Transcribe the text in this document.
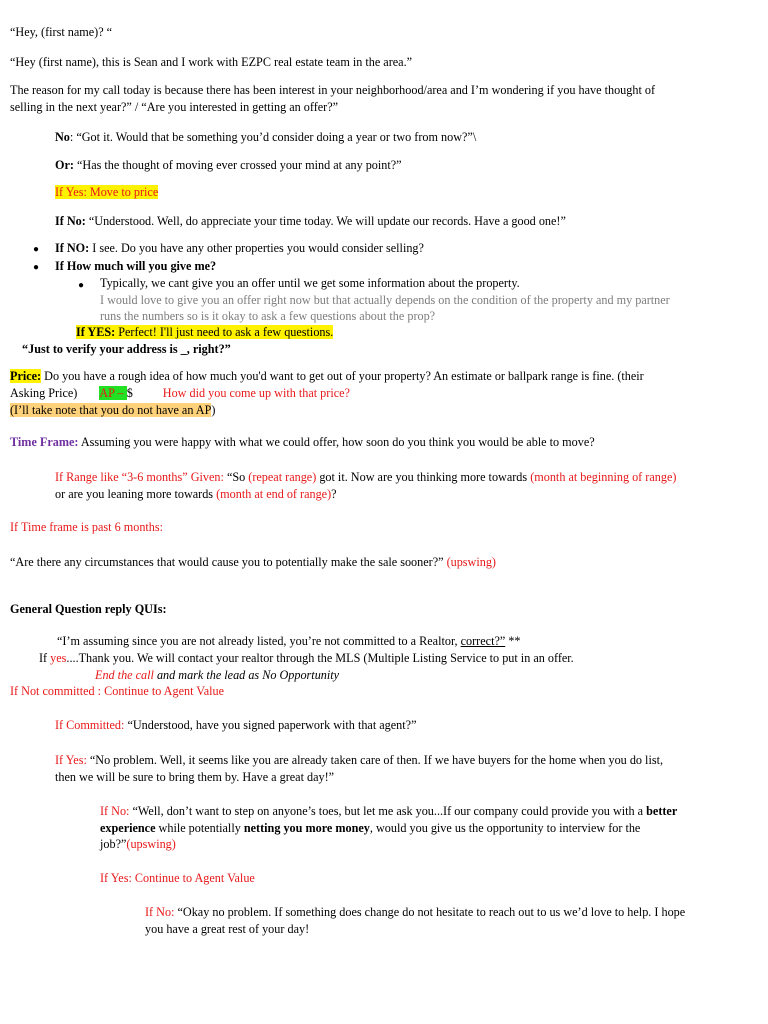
“Hey, (first name)? “
“Hey (first name), this is Sean and I work with EZPC real estate team in the area.”
The reason for my call today is because there has been interest in your neighborhood/area and I’m wondering if you have thought of
selling in the next year?” / “Are you interested in getting an offer?”
No: “Got it. Would that be something you’d consider doing a year or two from now?”\
Or: “Has the thought of moving ever crossed your mind at any point?”
If Yes: Move to price
If No: “Understood. Well, do appreciate your time today. We will update our records. Have a good one!”
● If NO: I see. Do you have any other properties you would consider selling?
● If How much will you give me?
● Typically, we cant give you an offer until we get some information about the property.
I would love to give you an offer right now but that actually depends on the condition of the property and my partner
runs the numbers so is it okay to ask a few questions about the prop?
If YES: Perfect! I'll just need to ask a few questions.
“Just to verify your address is _, right?”
Price: Do you have a rough idea of how much you'd want to get out of your property? An estimate or ballpark range is fine. (their
Asking Price) AP – $ How did you come up with that price?
(I’ll take note that you do not have an AP)
Time Frame: Assuming you were happy with what we could offer, how soon do you think you would be able to move?
If Range like “3-6 months” Given: “So (repeat range) got it. Now are you thinking more towards (month at beginning of range)
or are you leaning more towards (month at end of range)?
If Time frame is past 6 months:
“Are there any circumstances that would cause you to potentially make the sale sooner?” (upswing)
General Question reply QUIs:
“I’m assuming since you are not already listed, you’re not committed to a Realtor, correct?” **
If yes....Thank you. We will contact your realtor through the MLS (Multiple Listing Service to put in an offer.
End the call and mark the lead as No Opportunity
If Not committed : Continue to Agent Value
If Committed: “Understood, have you signed paperwork with that agent?”
If Yes: “No problem. Well, it seems like you are already taken care of then. If we have buyers for the home when you do list,
then we will be sure to bring them by. Have a great day!”
If No: “Well, don’t want to step on anyone’s toes, but let me ask you...If our company could provide you with a better
experience while potentially netting you more money, would you give us the opportunity to interview for the
job?”(upswing)
If Yes: Continue to Agent Value
If No: “Okay no problem. If something does change do not hesitate to reach out to us we’d love to help. I hope
you have a great rest of your day!
